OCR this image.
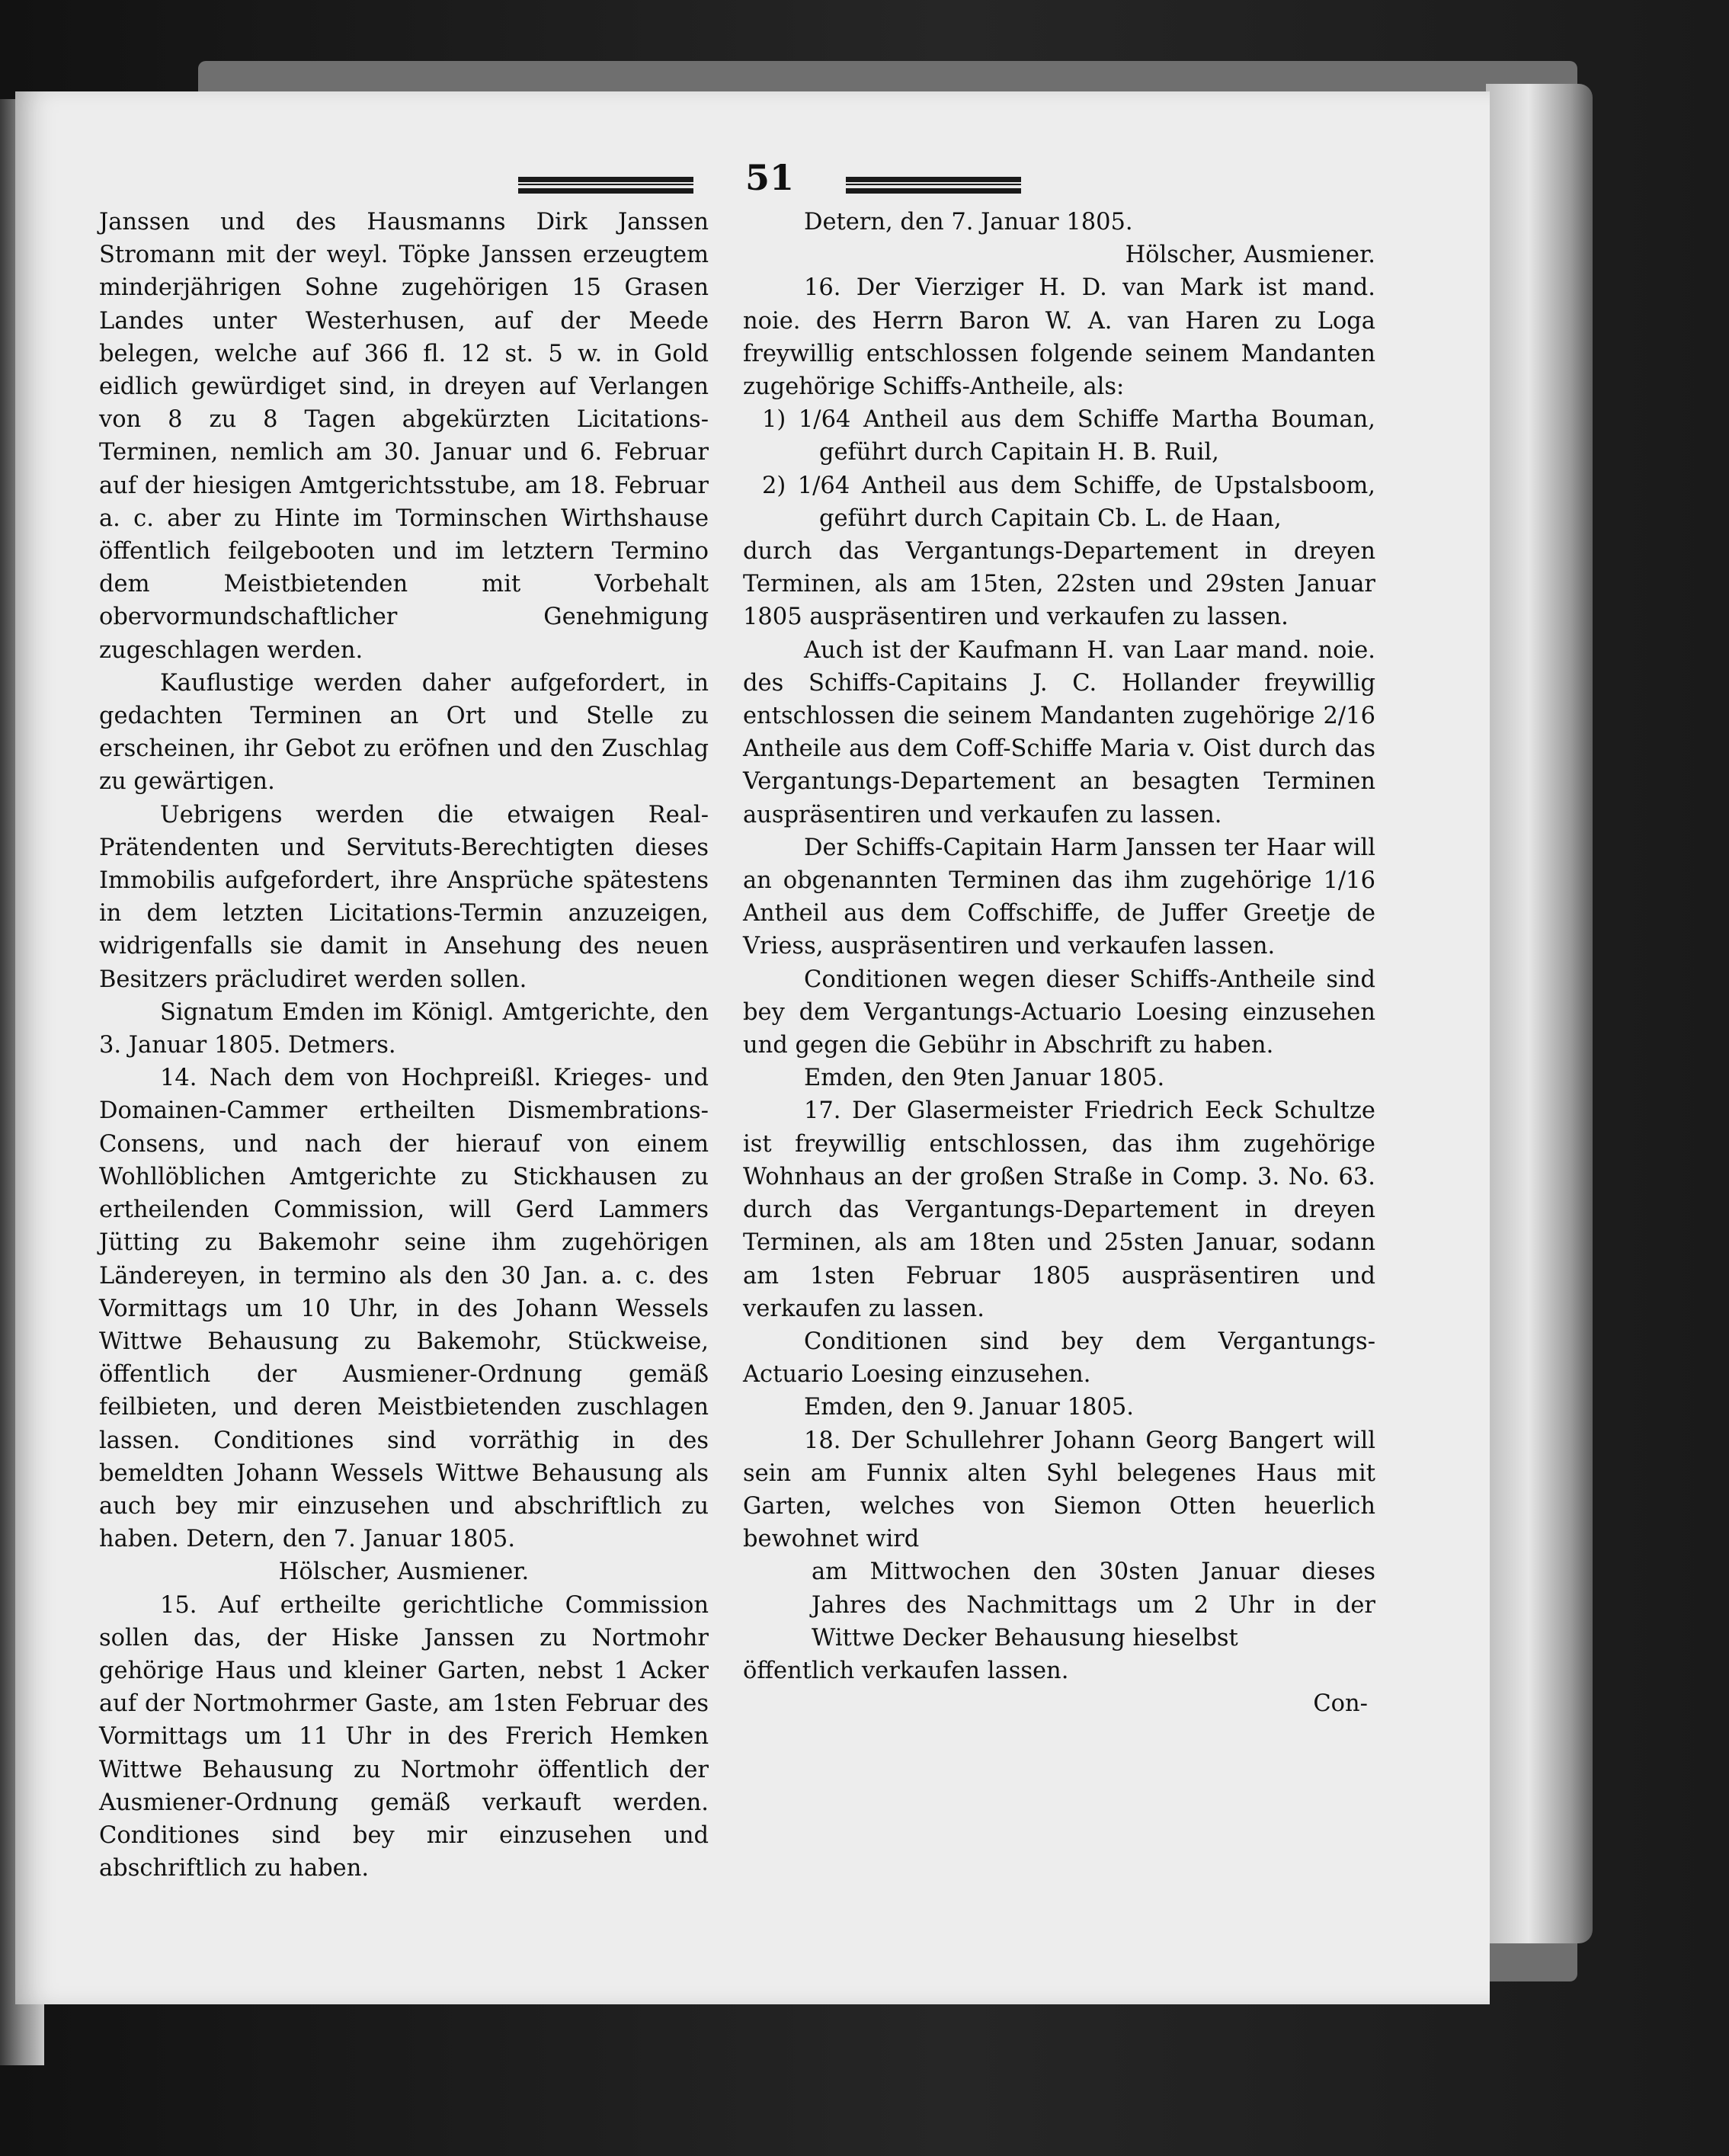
51

Janssen und des Hausmanns Dirk Janssen Stromann mit der weyl. Töpke Janssen erzeugtem minderjährigen Sohne zugehörigen 15 Grasen Landes unter Westerhusen, auf der Meede belegen, welche auf 366 fl. 12 st. 5 w. in Gold eidlich gewürdiget sind, in dreyen auf Verlangen von 8 zu 8 Tagen abgekürzten Licitations-Terminen, nemlich am 30. Januar und 6. Februar auf der hiesigen Amtgerichtsstube, am 18. Februar a. c. aber zu Hinte im Torminschen Wirthshause öffentlich feilgebooten und im letztern Termino dem Meistbietenden mit Vorbehalt obervormundschaftlicher Genehmigung zugeschlagen werden.

Kauflustige werden daher aufgefordert, in gedachten Terminen an Ort und Stelle zu erscheinen, ihr Gebot zu eröfnen und den Zuschlag zu gewärtigen.

Uebrigens werden die etwaigen Real-Prätendenten und Servituts-Berechtigten dieses Immobilis aufgefordert, ihre Ansprüche spätestens in dem letzten Licitations-Termin anzuzeigen, widrigenfalls sie damit in Ansehung des neuen Besitzers präcludiret werden sollen.

Signatum Emden im Königl. Amtgerichte, den 3. Januar 1805. Detmers.

14. Nach dem von Hochpreißl. Krieges- und Domainen-Cammer ertheilten Dismembrations-Consens, und nach der hierauf von einem Wohllöblichen Amtgerichte zu Stickhausen zu ertheilenden Commission, will Gerd Lammers Jütting zu Bakemohr seine ihm zugehörigen Ländereyen, in termino als den 30 Jan. a. c. des Vormittags um 10 Uhr, in des Johann Wessels Wittwe Behausung zu Bakemohr, Stückweise, öffentlich der Ausmiener-Ordnung gemäß feilbieten, und deren Meistbietenden zuschlagen lassen. Conditiones sind vorräthig in des bemeldten Johann Wessels Wittwe Behausung als auch bey mir einzusehen und abschriftlich zu haben. Detern, den 7. Januar 1805.

Hölscher, Ausmiener.

15. Auf ertheilte gerichtliche Commission sollen das, der Hiske Janssen zu Nortmohr gehörige Haus und kleiner Garten, nebst 1 Acker auf der Nortmohrmer Gaste, am 1sten Februar des Vormittags um 11 Uhr in des Frerich Hemken Wittwe Behausung zu Nortmohr öffentlich der Ausmiener-Ordnung gemäß verkauft werden. Conditiones sind bey mir einzusehen und abschriftlich zu haben.

Detern, den 7. Januar 1805.

Hölscher, Ausmiener.

16. Der Vierziger H. D. van Mark ist mand. noie. des Herrn Baron W. A. van Haren zu Loga freywillig entschlossen folgende seinem Mandanten zugehörige Schiffs-Antheile, als:

1) 1/64 Antheil aus dem Schiffe Martha Bouman, geführt durch Capitain H. B. Ruil,

2) 1/64 Antheil aus dem Schiffe, de Upstalsboom, geführt durch Capitain Cb. L. de Haan,

durch das Vergantungs-Departement in dreyen Terminen, als am 15ten, 22sten und 29sten Januar 1805 auspräsentiren und verkaufen zu lassen.

Auch ist der Kaufmann H. van Laar mand. noie. des Schiffs-Capitains J. C. Hollander freywillig entschlossen die seinem Mandanten zugehörige 2/16 Antheile aus dem Coff-Schiffe Maria v. Oist durch das Vergantungs-Departement an besagten Terminen auspräsentiren und verkaufen zu lassen.

Der Schiffs-Capitain Harm Janssen ter Haar will an obgenannten Terminen das ihm zugehörige 1/16 Antheil aus dem Coffschiffe, de Juffer Greetje de Vriess, auspräsentiren und verkaufen lassen.

Conditionen wegen dieser Schiffs-Antheile sind bey dem Vergantungs-Actuario Loesing einzusehen und gegen die Gebühr in Abschrift zu haben.

Emden, den 9ten Januar 1805.

17. Der Glasermeister Friedrich Eeck Schultze ist freywillig entschlossen, das ihm zugehörige Wohnhaus an der großen Straße in Comp. 3. No. 63. durch das Vergantungs-Departement in dreyen Terminen, als am 18ten und 25sten Januar, sodann am 1sten Februar 1805 auspräsentiren und verkaufen zu lassen.

Conditionen sind bey dem Vergantungs-Actuario Loesing einzusehen.

Emden, den 9. Januar 1805.

18. Der Schullehrer Johann Georg Bangert will sein am Funnix alten Syhl belegenes Haus mit Garten, welches von Siemon Otten heuerlich bewohnet wird

am Mittwochen den 30sten Januar dieses Jahres des Nachmittags um 2 Uhr in der Wittwe Decker Behausung hieselbst

öffentlich verkaufen lassen.

Con-
